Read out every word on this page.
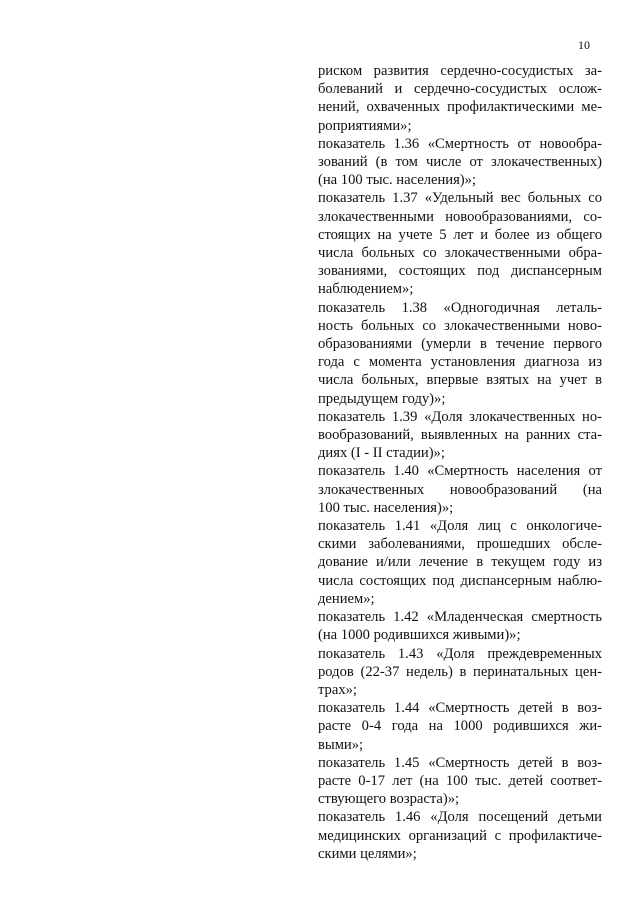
10
риском развития сердечно-сосудистых за-
болеваний и сердечно-сосудистых ослож-
нений, охваченных профилактическими ме-
роприятиями»;
показатель 1.36 «Смертность от новообра-
зований (в том числе от злокачественных)
(на 100 тыс. населения)»;
показатель 1.37 «Удельный вес больных со
злокачественными новообразованиями, со-
стоящих на учете 5 лет и более из общего
числа больных со злокачественными обра-
зованиями, состоящих под диспансерным
наблюдением»;
показатель 1.38 «Одногодичная леталь-
ность больных со злокачественными ново-
образованиями (умерли в течение первого
года с момента установления диагноза из
числа больных, впервые взятых на учет в
предыдущем году)»;
показатель 1.39 «Доля злокачественных но-
вообразований, выявленных на ранних ста-
диях (I - II стадии)»;
показатель 1.40 «Смертность населения от
злокачественных новообразований (на
100 тыс. населения)»;
показатель 1.41 «Доля лиц с онкологиче-
скими заболеваниями, прошедших обсле-
дование и/или лечение в текущем году из
числа состоящих под диспансерным наблю-
дением»;
показатель 1.42 «Младенческая смертность
(на 1000 родившихся живыми)»;
показатель 1.43 «Доля преждевременных
родов (22-37 недель) в перинатальных цен-
трах»;
показатель 1.44 «Смертность детей в воз-
расте 0-4 года на 1000 родившихся жи-
выми»;
показатель 1.45 «Смертность детей в воз-
расте 0-17 лет (на 100 тыс. детей соответ-
ствующего возраста)»;
показатель 1.46 «Доля посещений детьми
медицинских организаций с профилактиче-
скими целями»;
